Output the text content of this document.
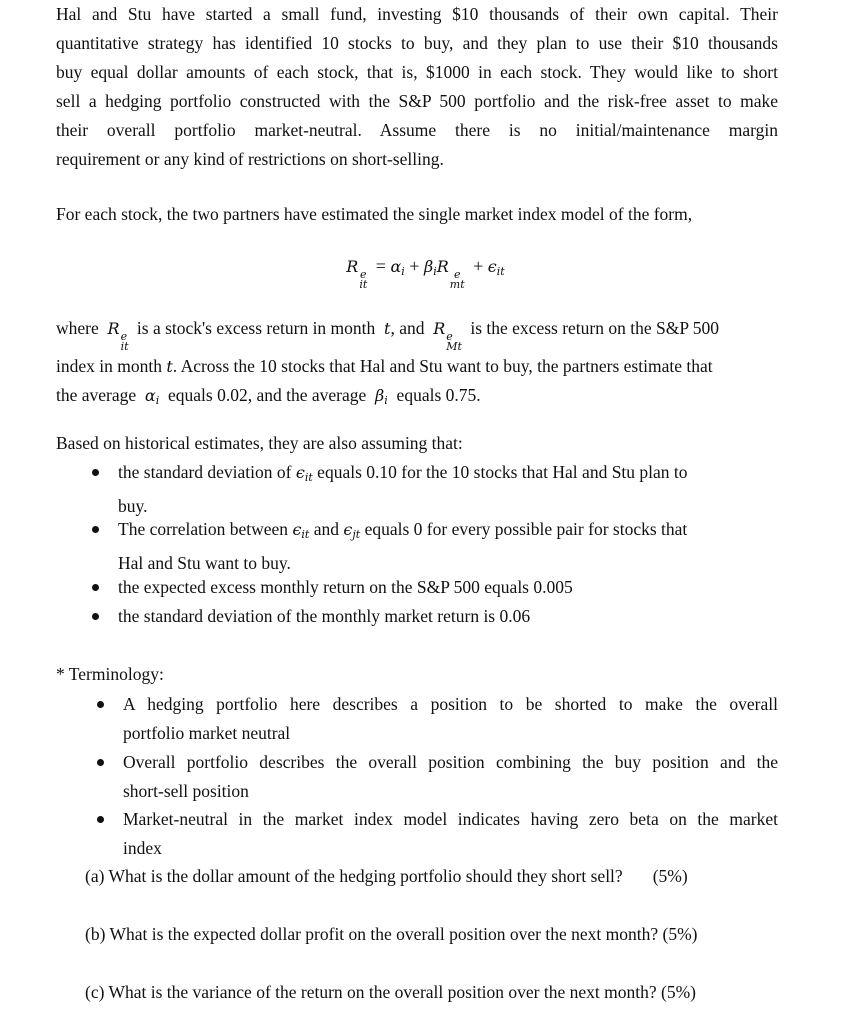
Hal and Stu have started a small fund, investing $10 thousands of their own capital. Their
quantitative strategy has identified 10 stocks to buy, and they plan to use their $10 thousands
buy equal dollar amounts of each stock, that is, $1000 in each stock. They would like to short
sell a hedging portfolio constructed with the S&P 500 portfolio and the risk-free asset to make
their overall portfolio market-neutral. Assume there is no initial/maintenance margin
requirement or any kind of restrictions on short-selling.
For each stock, the two partners have estimated the single market index model of the form,
R e
it
= $\alpha_i + \beta_iR$ e
mt
+ $\epsilon_{it}$
where R e
it
is a stock's excess return in month t, and R e
Mt
is the excess return on the S&P 500
index in month t. Across the 10 stocks that Hal and Stu want to buy, the partners estimate that
the average $\alpha_i$ equals 0.02, and the average $\beta_i$ equals 0.75.
Based on historical estimates, they are also assuming that:
the standard deviation of $\epsilon_{it}$ equals 0.10 for the 10 stocks that Hal and Stu plan to
buy.
The correlation between $\epsilon_{it}$ and $\epsilon_{jt}$ equals 0 for every possible pair for stocks that
Hal and Stu want to buy.
the expected excess monthly return on the S&P 500 equals 0.005
the standard deviation of the monthly market return is 0.06
* Terminology:
A hedging portfolio here describes a position to be shorted to make the overall
portfolio market neutral
Overall portfolio describes the overall position combining the buy position and the
short-sell position
Market-neutral in the market index model indicates having zero beta on the market
index
(a) What is the dollar amount of the hedging portfolio should they short sell? (5%)
(b) What is the expected dollar profit on the overall position over the next month? (5%)
(c) What is the variance of the return on the overall position over the next month? (5%)
